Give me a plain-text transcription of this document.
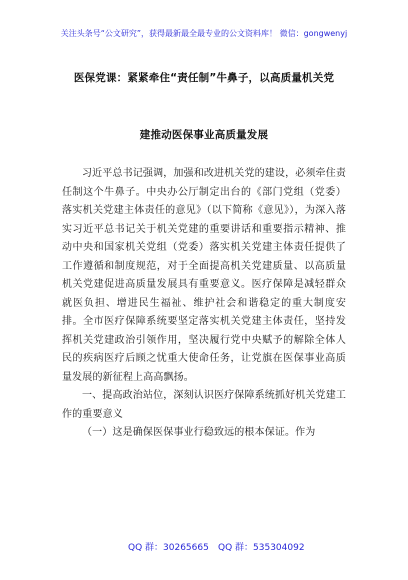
关注头条号“公文研究”，获得最新最全最专业的公文资料库！ 微信：gongwenyj
医保党课：紧紧牵住“责任制”牛鼻子，以高质量机关党
建推动医保事业高质量发展

习近平总书记强调，加强和改进机关党的建设，必须牵住责任制这个牛鼻子。中央办公厅制定出台的《部门党组（党委）落实机关党建主体责任的意见》（以下简称《意见》），为深入落实习近平总书记关于机关党建的重要讲话和重要指示精神、推动中央和国家机关党组（党委）落实机关党建主体责任提供了工作遵循和制度规范，对于全面提高机关党建质量、以高质量机关党建促进高质量发展具有重要意义。医疗保障是减轻群众就医负担、增进民生福祉、维护社会和谐稳定的重大制度安排。全市医疗保障系统要坚定落实机关党建主体责任，坚持发挥机关党建政治引领作用，坚决履行党中央赋予的解除全体人民的疾病医疗后顾之忧重大使命任务，让党旗在医保事业高质量发展的新征程上高高飘扬。

一、提高政治站位，深刻认识医疗保障系统抓好机关党建工作的重要意义

（一）这是确保医保事业行稳致远的根本保证。作为

QQ 群：30265665 QQ 群：535304092
